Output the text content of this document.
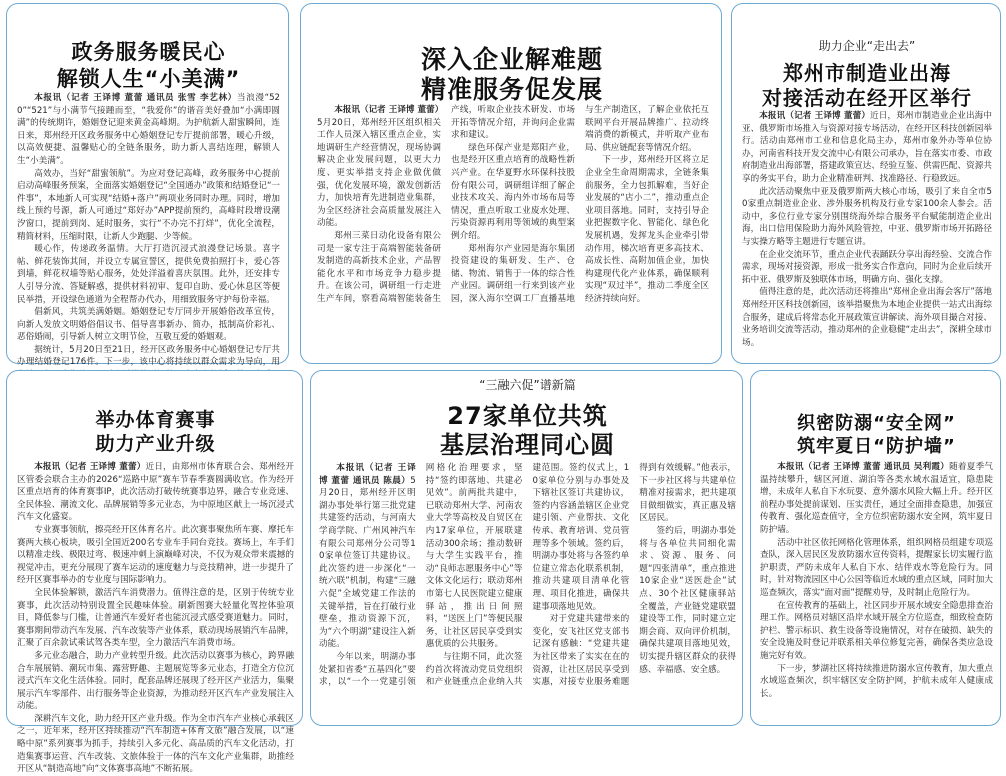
政务服务暖民心
解锁人生“小美满”

本报讯（记者 王译博 董蕾 通讯员 张雪 李艺林）当浪漫“520”“521”与小满节气接踵而至，“我爱你”的谐音美好叠加“小满即圆满”的传统期许，婚姻登记迎来黄金高峰期。为护航新人甜蜜瞬间，连日来，郑州经开区政务服务中心婚姻登记专厅提前部署，暖心升级，以高效便捷、温馨贴心的全链条服务，助力新人喜结连理，解锁人生“小美满”。

高效办，当好“甜蜜领航”。为应对登记高峰，政务服务中心提前启动高峰服务预案，全面落实婚姻登记“全国通办”政策和结婚登记“一件事”，本地新人可实现“结婚+落户”两项业务同时办理。同时，增加线上预约号源，新人可通过“郑好办”APP提前预约，高峰时段增设潮汐窗口，提前到岗、延时服务，实行“不办完不打烊”，优化全流程，精简材料，压缩时限，让新人少跑腿、少等候。

暖心作，传递政务温情。大厅打造沉浸式浪漫登记场景。喜字帖、鲜花装饰其间，并设立专属宣誓区，提供免费拍照打卡，爱心答到墙，鲜花权墙等贴心服务，处处洋溢着喜庆氛围。此外，还安排专人引导分流、答疑解惑，提供材料初审、复印自助、爱心休息区等便民举措，开设绿色通道为全程帮办代办，用细致服务守护每份幸福。

倡新风，共筑美满婚姻。婚姻登记专厅同步开展婚俗改革宣传，向新人发放文明婚俗倡议书、倡导喜事新办、简办，抵制高价彩礼、恶俗婚闹，引导新人树立文明节俭，互敬互爱的婚姻观。

据统计，5月20日至21日，经开区政务服务中心婚姻登记专厅共办理结婚登记176件。下一步，该中心将持续以群众需求为导向，用

深入企业解难题
精准服务促发展

本报讯（记者 王译博 董蕾）5月20日，郑州经开区组织相关工作人员深入辖区重点企业，实地调研生产经营情况，现场协调解决企业发展问题，以更大力度、更实举措支持企业做优做强，优化发展环境，激发创新活力，加快培育先进制造业集群，为全区经济社会高质量发展注入动能。

郑州三菜日动化设备有限公司是一家专注于高端智能装备研发制造的高新技术企业，产品智能化水平和市场竞争力稳步提升。在该公司，调研组一行走进生产车间，察看高端智能装备生产线，听取企业技术研发、市场开拓等情况介绍，并询问企业需求和建议。

绿色环保产业是郑阳产业，也是经开区重点培育的战略性新兴产业。在华夏野水环保科技股份有限公司，调研组详细了解企业技术攻关、海内外市场布局等情况，重点听取工业废水处理、污染资源再利用等领域的典型案例介绍。

郑州海尔产业园是海尔集团投资建设的集研发、生产、仓储、物流、销售于一体的综合性产业园。调研组一行来到该产业园，深入海尔空调工厂直播基地与生产制造区，了解企业依托互联网平台开展品牌推广、拉动终端消费的新模式，并听取产业布局、供应链配套等情况介绍。

下一步，郑州经开区将立足企业全生命周期需求，全链条集前服务，全力包抓解难，当好企业发展的“店小二”，推动重点企业项目落地。同时，支持引导企业把握数字化、智能化、绿色化发展机遇，发挥龙头企业牵引带动作用，梯次培育更多高技术、高成长性、高附加值企业，加快构建现代化产业体系，确保顺利实现“双过半”，推动二季度全区经济持续向好。

助力企业“走出去”
郑州市制造业出海
对接活动在经开区举行

本报讯（记者 王译博 董蕾）近日，郑州市制造业企业出海中亚、俄罗斯市场推入与资源对接专场活动，在经开区科技创新园举行。活动由郑州市工业和信息化局主办，郑州市象外办等单位协办，河南省科技开发交流中心有限公司承办，旨在落实市委、市政府制造业出海部署，搭建政策宣达、经验互鉴、供需匹配、资源共享的务实平台，助力企业精准研判、找准路径、行稳致远。

此次活动聚焦中亚及俄罗斯两大核心市场，吸引了来自全市50家重点制造业企业、涉外服务机构及行业专家100余人参会。活动中，多位行业专家分别围绕海外综合服务平台赋能制造企业出海，出口信用保险助力海外风险管控，中亚、俄罗斯市场开拓路径与实操方略等主题进行专题宣讲。

在企业交流环节，重点企业代表踊跃分享出海经验、交流合作需求，现场对接资源，形成一批务实合作意向，同时为企业后续开拓中亚、俄罗斯及独联体市场，明确方向、强化支撑。

值得注意的是，此次活动还将推出“郑州企业出海会客厅”落地郑州经开区科技创新园，该举措聚焦为本地企业提供一站式出海综合服务，建成后将常态化开展政策宣讲解读、海外项目撮合对接、业务培训交流等活动，推动郑州的企业稳健“走出去”，深耕全球市场。

举办体育赛事
助力产业升级

本报讯（记者 王译博 董蕾）近日，由郑州市体育联合会、郑州经开区管委会联合主办的2026“巡路中原”赛车节春季赛圆满收官。作为经开区重点培育的体育赛事IP，此次活动打破传统赛事边界，融合专业竞速、全民体验、潮流文化、品牌展销等多元业态，为中原地区献上一场沉浸式汽车文化盛宴。

专业赛事领航，擦亮经开区体育名片。此次赛事聚焦所车赛、摩托车赛两大核心板块，吸引全国近200名专业车手同台竞技。赛场上，车手们以精准走线、极限过弯、极速冲刺上演巅峰对决，不仅为观众带来震撼的视觉冲击，更充分展现了赛车运动的速度魅力与竞技精神，进一步提升了经开区赛事举办的专业度与国际影响力。

全民体验解锁，激活汽车消费潜力。值得注意的是，区别于传统专业赛事，此次活动特别设置全民趣味体验。刷新图赛大轻量化驾控体验项目，降低参与门槛，让普通汽车爱好者也能沉浸式感受赛道魅力。同时，赛事期间带动汽车发展、汽车改装等产业体系，联动现场展销汽车品牌，汇聚了百余款试乘试驾各类车型，全力激活汽车消费市场。

多元业态融合，助力产业转型升级。此次活动以赛事为核心，跨界融合车展展销、潮玩市集、露营野趣、主题展览等多元业态，打造全方位沉浸式汽车文化生活体验。同时，配套品牌还展现了经开区产业活力，集聚展示汽车零部件、出行服务等企业资源，为推动经开区汽车产业发展注入动能。

深耕汽车文化，助力经开区产业升级。作为全市汽车产业核心承载区之一，近年来，经开区持续推动“汽车制造+体育文旅”融合发展，以“速略中原”系列赛事为抓手，持续引入多元化、高品质的汽车文化活动，打造集赛事运营、汽车改装、文旅体验于一体的汽车文化产业集群，助推经开区从“制造高地”向“文体赛事高地”不断拓展。

“三融六促”谱新篇
27家单位共筑
基层治理同心圆

本报讯（记者 王译博 董蕾 通讯员 陈晨）5月20日，郑州经开区明湖办事处举行第三批党建共建签约活动，与河南大学商学院、广州风神汽车有限公司郑州分公司等10家单位签订共建协议。此次签约进一步深化“一统六联”机制，构建“三融六促”全域党建工作法的关键举措，旨在打破行业壁垒，推动资源下沉，为“六个明湖”建设注入新动能。

今年以来，明湖办事处紧扣省委“五基四化”要求，以“一个一党建引领网格化治理要求，坚持“签约即落地、共建必见效”。前两批共建中，已联动郑州大学、河南农业大学等高校及自贸区在内17家单位，开展联建活动300余场；推动数研与大学生实践平台，推动“良师志愿服务中心”等文体文化运行；联动郑州市第七人民医院建立健康驿站，推出日间照料，“送医上门”等便民服务，让社区居民享受到实惠优质的公共服务。

与往期不同，此次签约首次将流动党员党组织和产业链重点企业纳入共建范围。签约仪式上，10家单位分别与办事处及下辖社区签订共建协议，签约内容涵盖辖区企业党建引领、产业帮扶、文化传承、教育培训、党员管理等多个领域。签约后，明湖办事处将与各签约单位建立常态化联系机制，推动共建项目清单化管理、项目化推进，确保共建事项落地见效。

对于党建共建带来的变化，安飞社区党支部书记深有感触：“党建共建为社区带来了实实在在的资源，让社区居民享受到实惠，对接专业服务难题得到有效缓解。”他表示，下一步社区将与共建单位精准对接需求，把共建项目做细做实，真正惠及辖区居民。

签约后，明湖办事处将与各单位共同细化需求、资源、服务、问题“四张清单”，重点推进10家企业“送医赴企”试点、30个社区健康驿站全覆盖，产业链党建联盟建设等工作，同时建立定期会商、双向评价机制，确保共建项目落地见效，切实提升辖区群众的获得感、幸福感、安全感。

织密防溺“安全网”
筑牢夏日“防护墙”

本报讯（记者 王译博 董蕾 通讯员 吴利霞）随着夏季气温持续攀升，辖区河道、湖泊等各类水域水温适宜，隐患陡增，未成年人私自下水玩耍、意外溺水风险大幅上升。经开区前程办事处提前谋划、压实责任，通过全面排查隐患，加强宣传教育、强化巡查值守，全方位织密防溺水安全网，筑牢夏日防护墙。

活动中社区依托网格化管理体系，组织网格员组建专项巡查队，深入居民区发放防溺水宣传资料，提醒家长切实履行监护职责，严防未成年人私自下水、结伴戏水等危险行为。同时，针对物流园区中心公园等临近水域的重点区域，同时加大巡查频次，落实“面对面”提醒劝导，及时制止危险行为。

在宣传教育的基础上，社区同步开展水域安全隐患排查治理工作。网格员对辖区沿岸水域开展全方位巡查，细致检查防护栏、警示标识、救生设备等设施情况，对存在破损、缺失的安全设施及时登记并联系相关单位修复完善，确保各类应急设施完好有效。

下一步，梦湖社区将持续推进防溺水宣传教育，加大重点水域巡查频次，织牢辖区安全防护网，护航未成年人健康成长。
